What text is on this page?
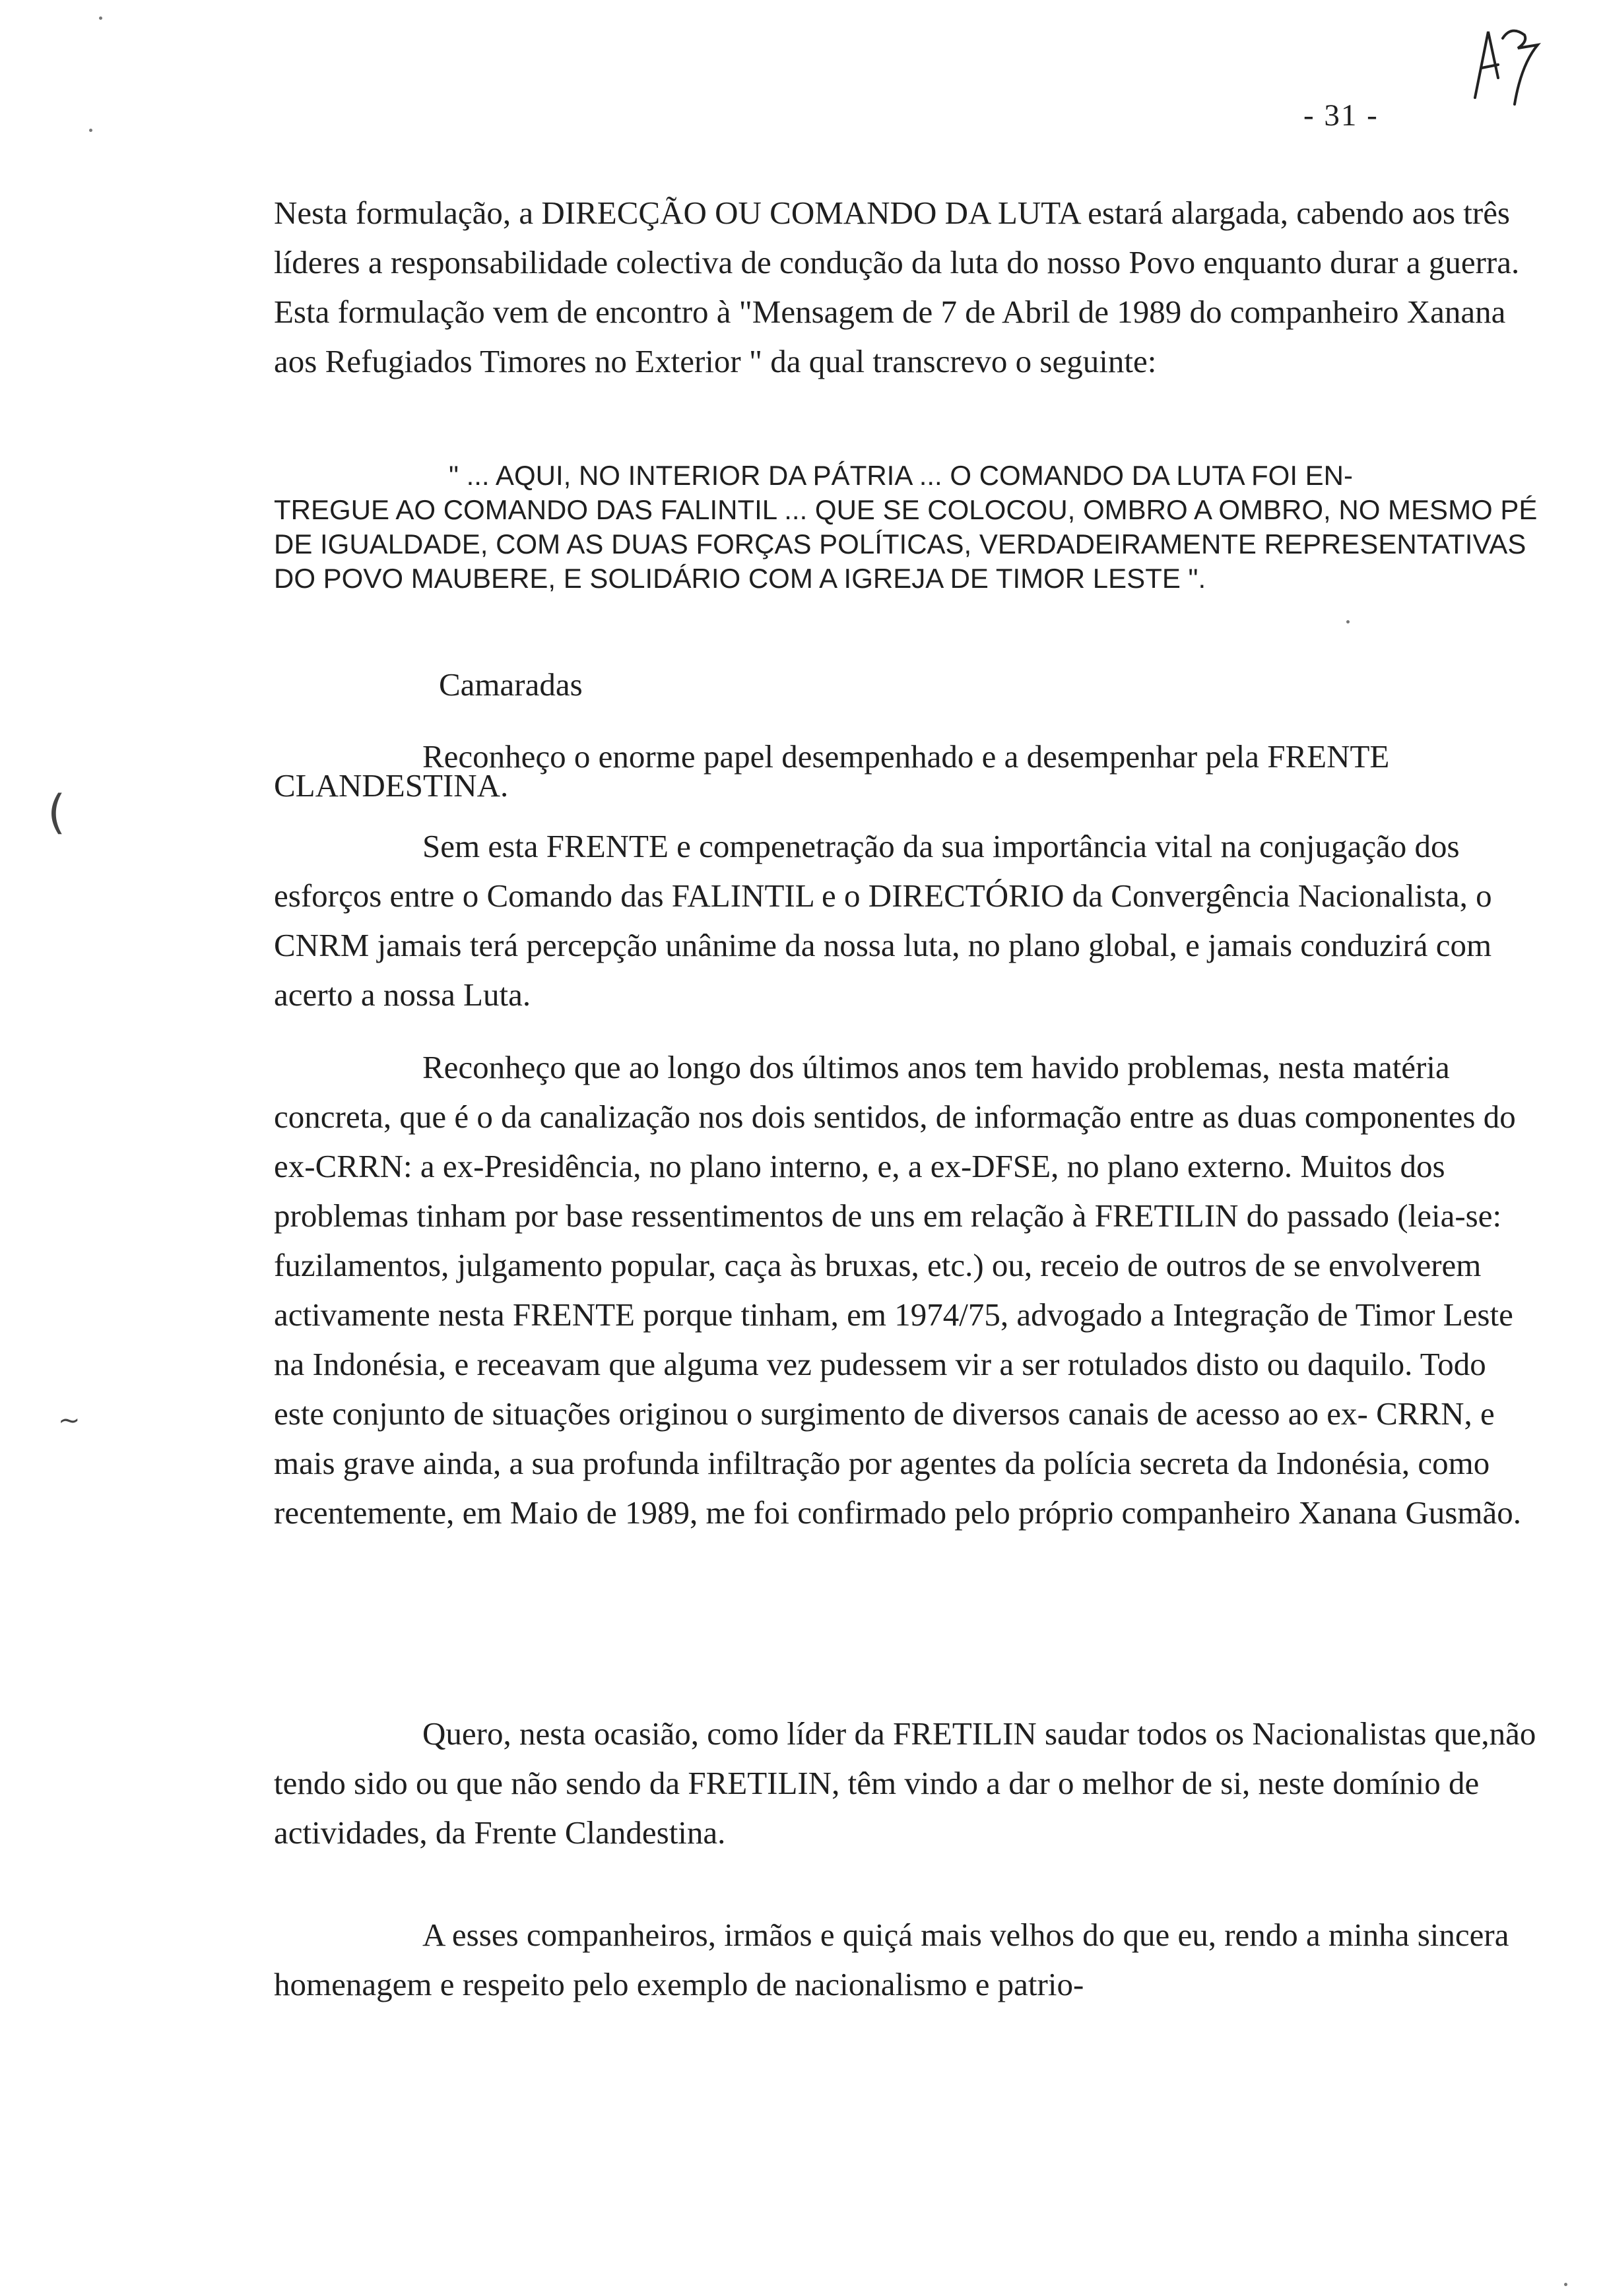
- 31 -

Nesta formulação, a DIRECÇÃO OU COMANDO DA LUTA estará alargada, cabendo aos três líderes a responsabilidade colectiva de condução da luta do nosso Povo enquanto durar a guerra. Esta formulação vem de encontro à "Mensagem de 7 de Abril de 1989 do companheiro Xanana aos Refugiados Timores no Exterior " da qual transcrevo o seguinte:

" ... AQUI, NO INTERIOR DA PÁTRIA ... O COMANDO DA LUTA FOI EN-
TREGUE AO COMANDO DAS FALINTIL ... QUE SE COLOCOU, OMBRO A OMBRO, NO MESMO PÉ DE IGUALDADE, COM AS DUAS FORÇAS POLÍTICAS, VERDADEIRAMENTE REPRESENTATIVAS DO POVO MAUBERE, E SOLIDÁRIO COM A IGREJA DE TIMOR LESTE ".
Camaradas

Reconheço o enorme papel desempenhado e a desempenhar pela FRENTE CLANDESTINA.

Sem esta FRENTE e compenetração da sua importância vital na conjugação dos esforços entre o Comando das FALINTIL e o DIRECTÓRIO da Convergência Nacionalista, o CNRM jamais terá percepção unânime da nossa luta, no plano global, e jamais conduzirá com acerto a nossa Luta.

Reconheço que ao longo dos últimos anos tem havido problemas, nesta matéria concreta, que é o da canalização nos dois sentidos, de informação entre as duas componentes do ex-CRRN: a ex-Presidência, no plano interno, e, a ex-DFSE, no plano externo. Muitos dos problemas tinham por base ressentimentos de uns em relação à FRETILIN do passado (leia-se: fuzilamentos, julgamento popular, caça às bruxas, etc.) ou, receio de outros de se envolverem activamente nesta FRENTE porque tinham, em 1974/75, advogado a Integração de Timor Leste na Indonésia, e receavam que alguma vez pudessem vir a ser rotulados disto ou daquilo. Todo este conjunto de situações originou o surgimento de diversos canais de acesso ao ex- CRRN, e mais grave ainda, a sua profunda infiltração por agentes da polícia secreta da Indonésia, como recentemente, em Maio de 1989, me foi confirmado pelo próprio companheiro Xanana Gusmão.

Quero, nesta ocasião, como líder da FRETILIN saudar todos os Nacionalistas que,não tendo sido ou que não sendo da FRETILIN, têm vindo a dar o melhor de si, neste domínio de actividades, da Frente Clandestina.

A esses companheiros, irmãos e quiçá mais velhos do que eu, rendo a minha sincera homenagem e respeito pelo exemplo de nacionalismo e patrio-

(
~
